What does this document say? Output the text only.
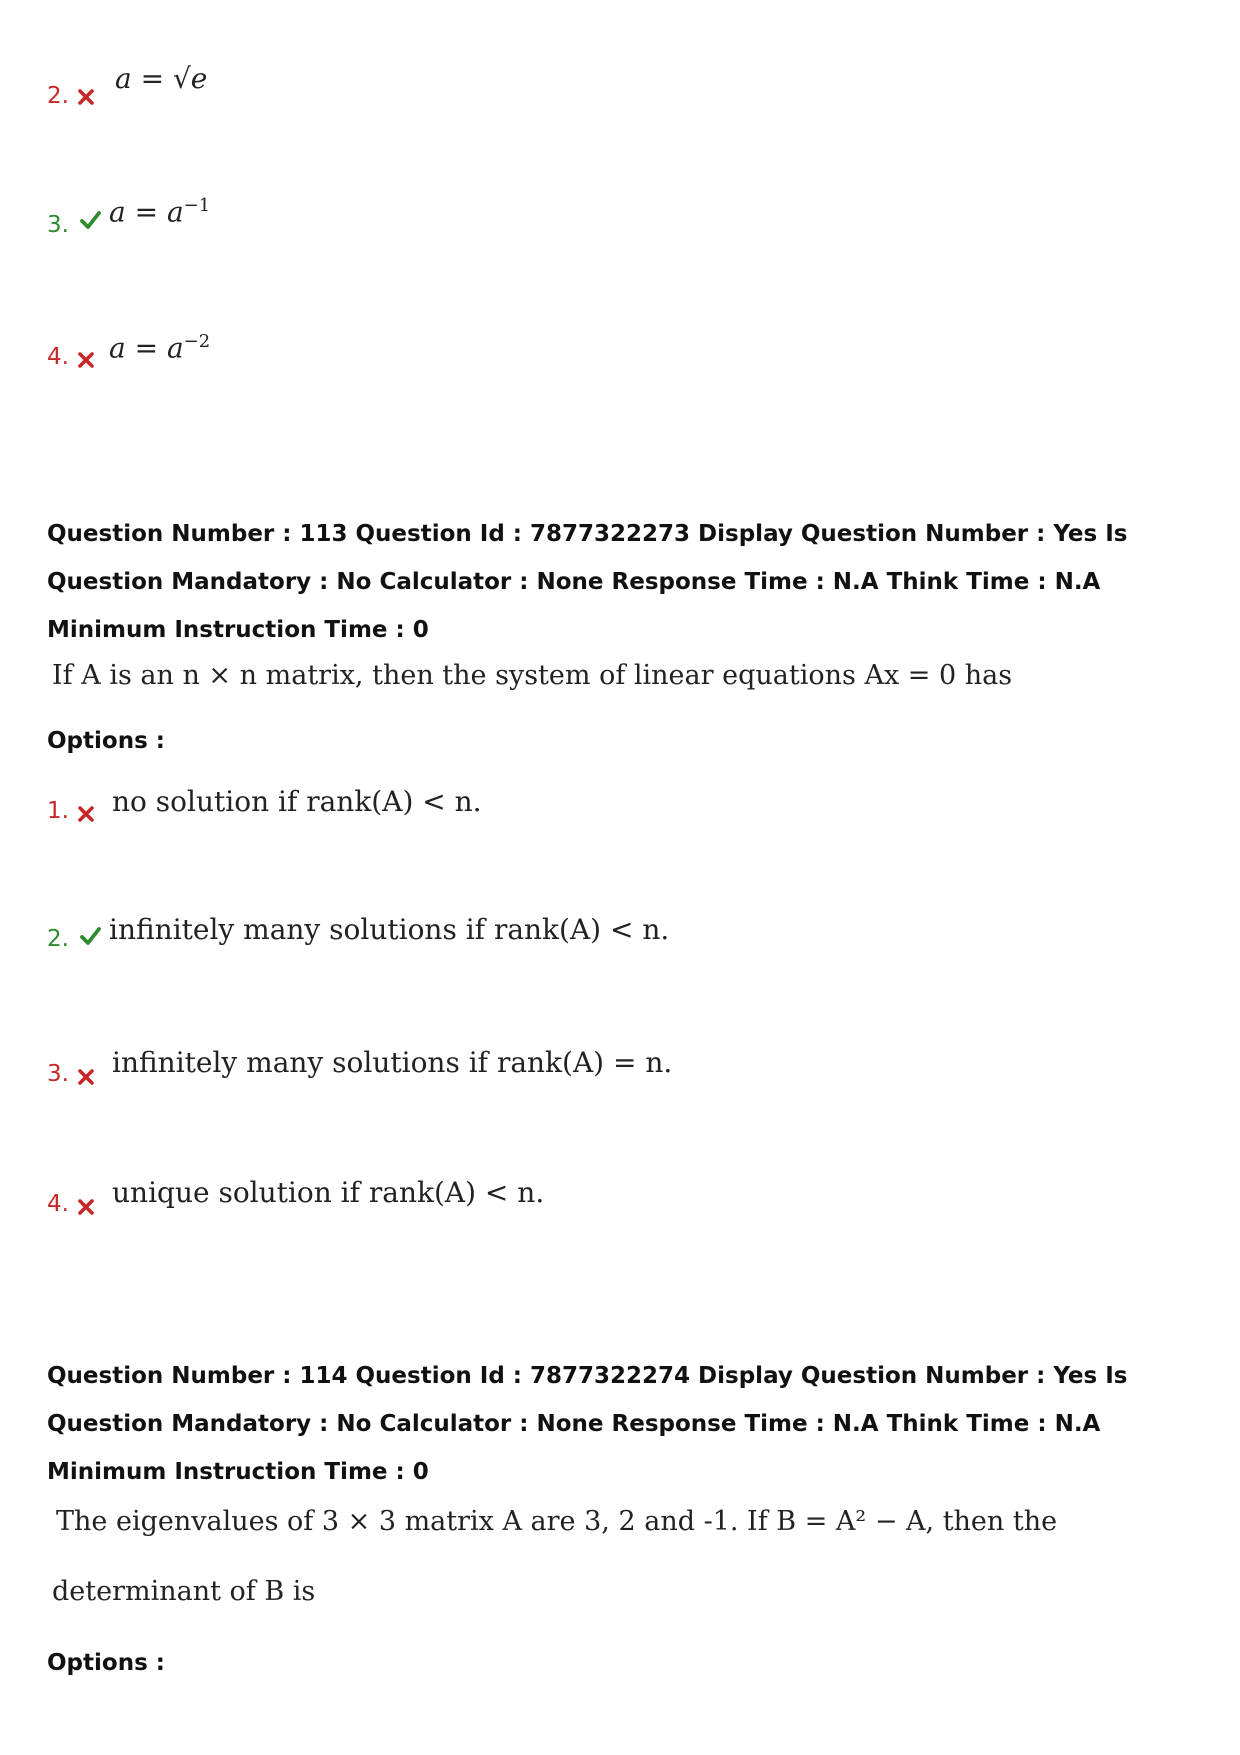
2.
a = √e
3. $a = a^{-1}$
4. $a = a^{-2}$
Question Number : 113 Question Id : 7877322273 Display Question Number : Yes Is Question Mandatory : No Calculator : None Response Time : N.A Think Time : N.A Minimum Instruction Time : 0
If A is an n × n matrix, then the system of linear equations Ax = 0 has
Options :
1. no solution if rank(A) < n.
2. infinitely many solutions if rank(A) < n.
3. infinitely many solutions if rank(A) = n.
4. unique solution if rank(A) < n.
Question Number : 114 Question Id : 7877322274 Display Question Number : Yes Is Question Mandatory : No Calculator : None Response Time : N.A Think Time : N.A Minimum Instruction Time : 0
The eigenvalues of 3 × 3 matrix A are 3, 2 and -1. If B = A² − A, then the
determinant of B is
Options :
